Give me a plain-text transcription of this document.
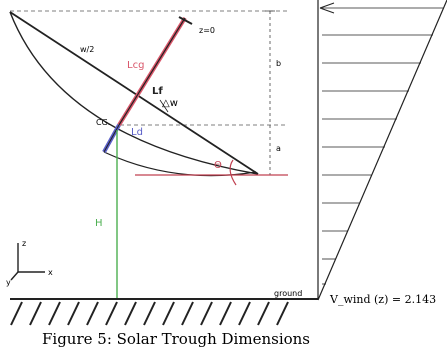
w/2
z=0
Lcg
Lf
△w
CG.
Ld
b
a
Θ
H
z
x
y
ground	V_wind (z) = 2.143
Figure 5: Solar Trough Dimensions
